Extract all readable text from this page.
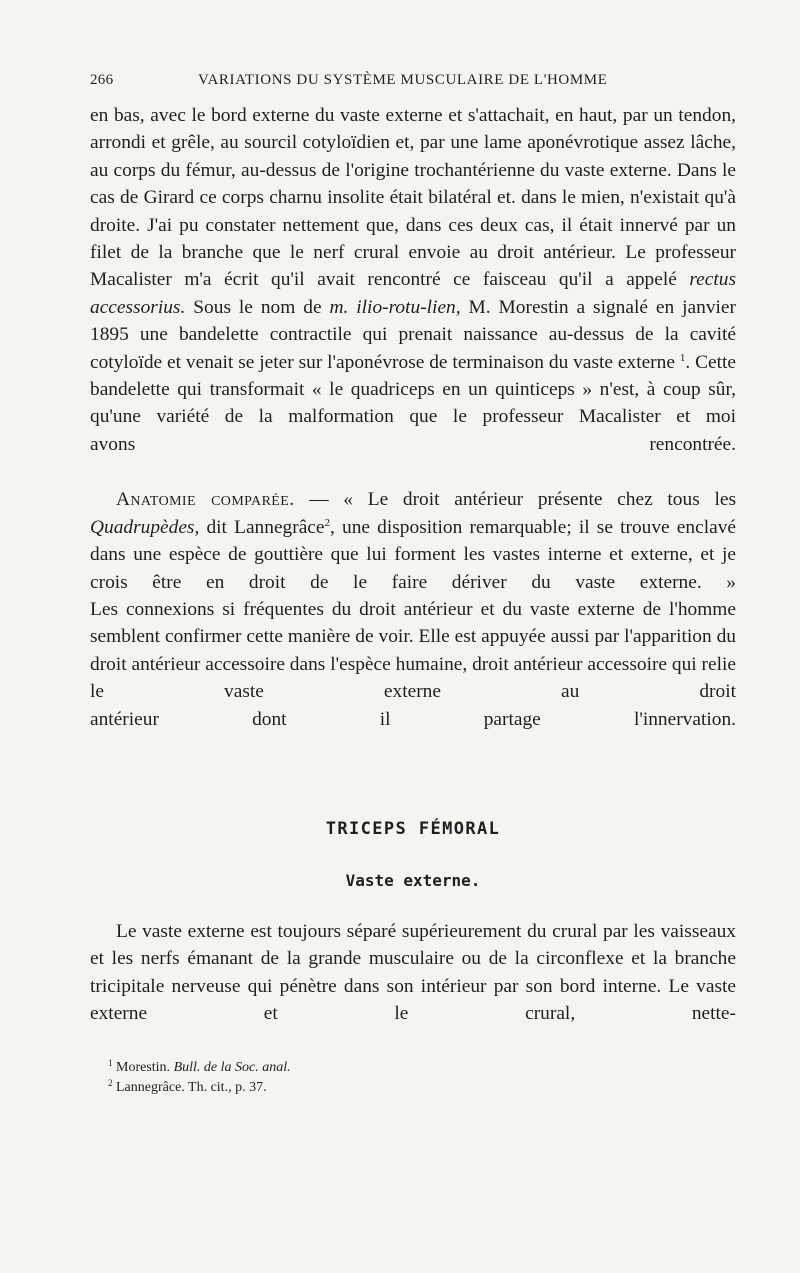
266	VARIATIONS DU SYSTÈME MUSCULAIRE DE L'HOMME

en bas, avec le bord externe du vaste externe et s'attachait, en haut, par un tendon, arrondi et grêle, au sourcil cotyloïdien et, par une lame aponévrotique assez lâche, au corps du fémur, au-dessus de l'origine trochantérienne du vaste externe. Dans le cas de Girard ce corps charnu insolite était bilatéral et. dans le mien, n'existait qu'à droite. J'ai pu constater nettement que, dans ces deux cas, il était innervé par un filet de la branche que le nerf crural envoie au droit antérieur. Le professeur Macalister m'a écrit qu'il avait rencontré ce faisceau qu'il a appelé rectus accessorius. Sous le nom de m. ilio-rotu-lien, M. Morestin a signalé en janvier 1895 une bandelette contractile qui prenait naissance au-dessus de la cavité cotyloïde et venait se jeter sur l'aponévrose de terminaison du vaste externe $^1$. Cette bandelette qui transformait « le quadriceps en un quinticeps » n'est, à coup sûr, qu'une variété de la malformation que le professeur Macalister et moi
avons rencontrée.

Anatomie comparée. — « Le droit antérieur présente chez tous les Quadrupèdes, dit Lannegrâce$^2$, une disposition remarquable; il se trouve enclavé dans une espèce de gouttière que lui forment les vastes interne et externe, et je crois être en droit de le faire dériver du vaste externe. »

Les connexions si fréquentes du droit antérieur et du vaste externe de l'homme semblent confirmer cette manière de voir. Elle est appuyée aussi par l'apparition du droit antérieur accessoire dans l'espèce humaine, droit antérieur accessoire qui relie le vaste externe au droit
antérieur dont il partage l'innervation.

TRICEPS FÉMORAL
Vaste externe.

Le vaste externe est toujours séparé supérieurement du crural par les vaisseaux et les nerfs émanant de la grande musculaire ou de la circonflexe et la branche tricipitale nerveuse qui pénètre dans son intérieur par son bord interne. Le vaste externe et le crural, nette-

$^1$ Morestin. Bull. de la Soc. anal.
$^2$ Lannegrâce. Th. cit., p. 37.
